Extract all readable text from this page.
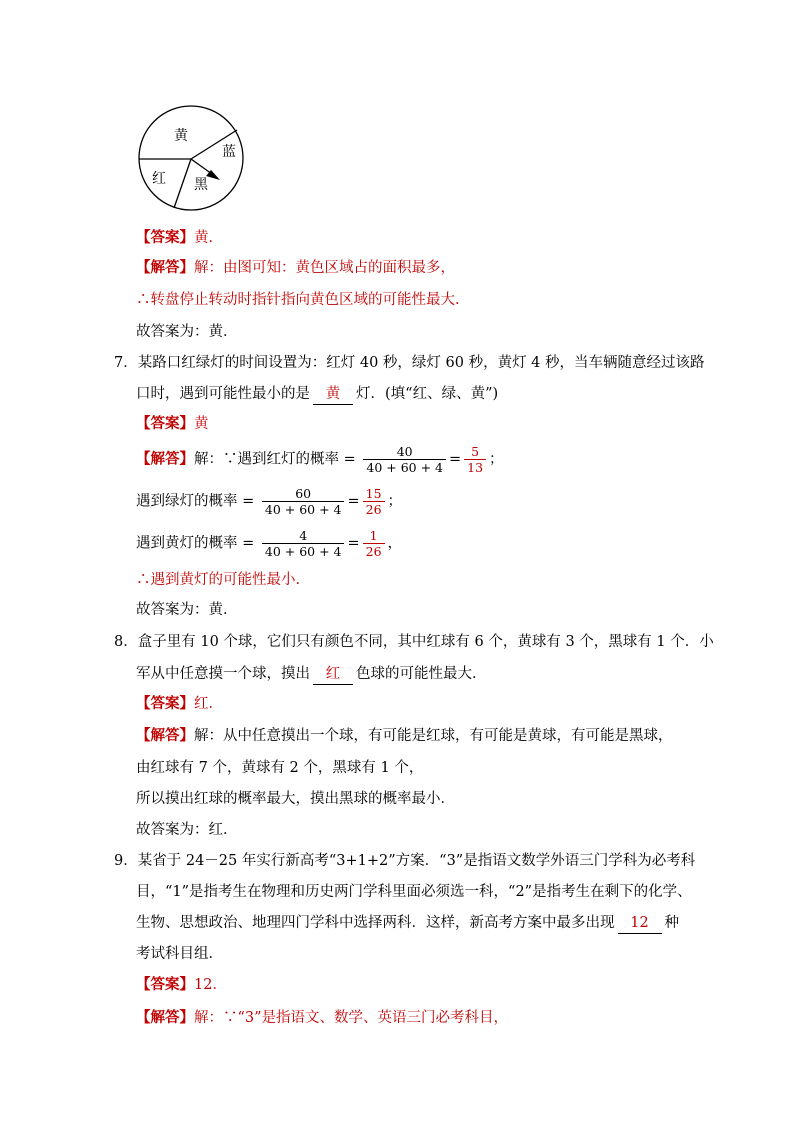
黄
蓝
红 黑
【答案】黄．
【解答】解：由图可知：黄色区域占的面积最多，
∴转盘停止转动时指针指向黄色区域的可能性最大.
故答案为：黄．
7．某路口红绿灯的时间设置为：红灯 40 秒，绿灯 60 秒，黄灯 4 秒，当车辆随意经过该路
口时，遇到可能性最小的是 黄 灯．(填“红、绿、黄”)
【答案】黄
【解答】解：∵遇到红灯的概率 = $\frac{40}{40 + 60 + 4} = \frac{5}{13}$ ；
遇到绿灯的概率 = $\frac{60}{40 + 60 + 4} = \frac{15}{26}$ ；
遇到黄灯的概率 = $\frac{4}{40 + 60 + 4} = \frac{1}{26}$ ，
∴遇到黄灯的可能性最小.
故答案为：黄．
8．盒子里有 10 个球，它们只有颜色不同，其中红球有 6 个，黄球有 3 个，黑球有 1 个．小
军从中任意摸一个球，摸出 红 色球的可能性最大．
【答案】红．
【解答】解：从中任意摸出一个球，有可能是红球，有可能是黄球，有可能是黑球，
由红球有 7 个，黄球有 2 个，黑球有 1 个，
所以摸出红球的概率最大，摸出黑球的概率最小．
故答案为：红．
9．某省于 24－25 年实行新高考“3+1+2”方案．“3”是指语文数学外语三门学科为必考科
目，“1”是指考生在物理和历史两门学科里面必须选一科，“2”是指考生在剩下的化学、
生物、思想政治、地理四门学科中选择两科．这样，新高考方案中最多出现 12 种
考试科目组．
【答案】12．
【解答】解：∵“3”是指语文、数学、英语三门必考科目，
